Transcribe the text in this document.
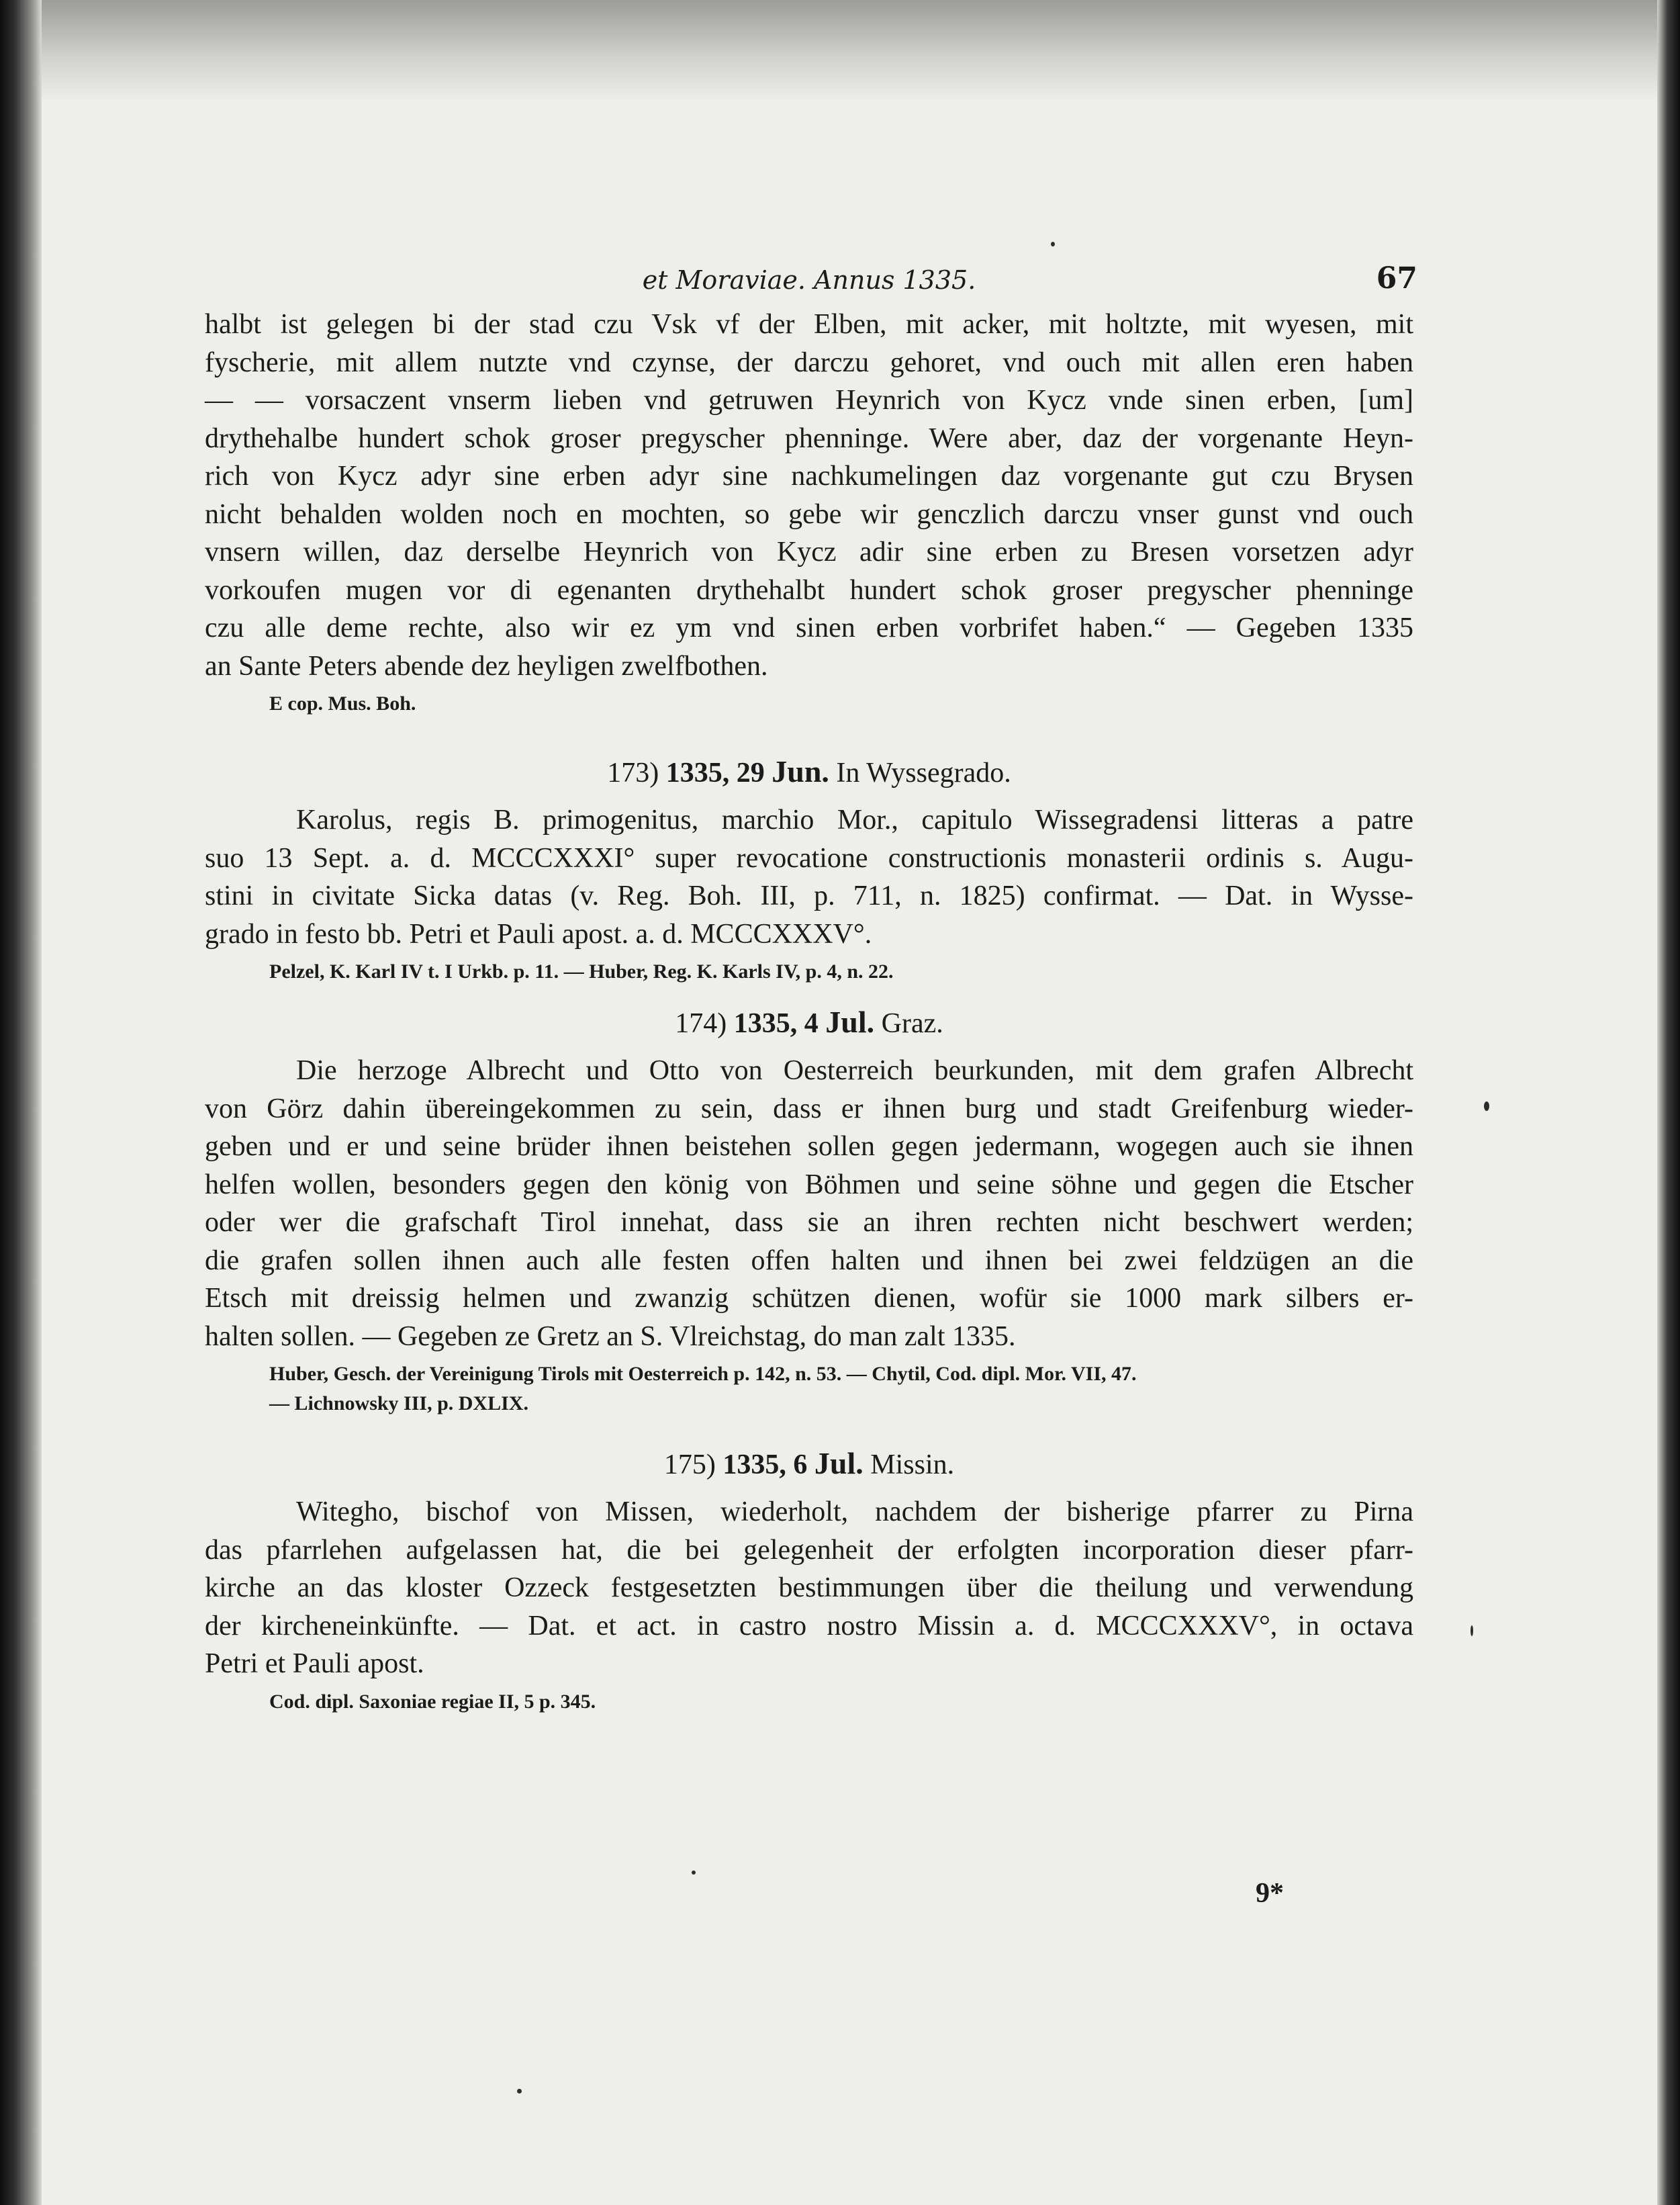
et Moraviae. Annus 1335.	67
halbt ist gelegen bi der stad czu Vsk vf der Elben, mit acker, mit holtzte, mit wyesen, mit
fyscherie, mit allem nutzte vnd czynse, der darczu gehoret, vnd ouch mit allen eren haben
— — vorsaczent vnserm lieben vnd getruwen Heynrich von Kycz vnde sinen erben, [um]
drythehalbe hundert schok groser pregyscher phenninge. Were aber, daz der vorgenante Heyn-
rich von Kycz adyr sine erben adyr sine nachkumelingen daz vorgenante gut czu Brysen
nicht behalden wolden noch en mochten, so gebe wir genczlich darczu vnser gunst vnd ouch
vnsern willen, daz derselbe Heynrich von Kycz adir sine erben zu Bresen vorsetzen adyr
vorkoufen mugen vor di egenanten drythehalbt hundert schok groser pregyscher phenninge
czu alle deme rechte, also wir ez ym vnd sinen erben vorbrifet haben.“ — Gegeben 1335
an Sante Peters abende dez heyligen zwelfbothen.
E cop. Mus. Boh.
173) 1335, 29 Jun. In Wyssegrado.
Karolus, regis B. primogenitus, marchio Mor., capitulo Wissegradensi litteras a patre
suo 13 Sept. a. d. MCCCXXXI° super revocatione constructionis monasterii ordinis s. Augu-
stini in civitate Sicka datas (v. Reg. Boh. III, p. 711, n. 1825) confirmat. — Dat. in Wysse-
grado in festo bb. Petri et Pauli apost. a. d. MCCCXXXV°.
Pelzel, K. Karl IV t. I Urkb. p. 11. — Huber, Reg. K. Karls IV, p. 4, n. 22.
174) 1335, 4 Jul. Graz.
Die herzoge Albrecht und Otto von Oesterreich beurkunden, mit dem grafen Albrecht
von Görz dahin übereingekommen zu sein, dass er ihnen burg und stadt Greifenburg wieder-
geben und er und seine brüder ihnen beistehen sollen gegen jedermann, wogegen auch sie ihnen
helfen wollen, besonders gegen den könig von Böhmen und seine söhne und gegen die Etscher
oder wer die grafschaft Tirol innehat, dass sie an ihren rechten nicht beschwert werden;
die grafen sollen ihnen auch alle festen offen halten und ihnen bei zwei feldzügen an die
Etsch mit dreissig helmen und zwanzig schützen dienen, wofür sie 1000 mark silbers er-
halten sollen. — Gegeben ze Gretz an S. Vlreichstag, do man zalt 1335.
Huber, Gesch. der Vereinigung Tirols mit Oesterreich p. 142, n. 53. — Chytil, Cod. dipl. Mor. VII, 47.
— Lichnowsky III, p. DXLIX.
175) 1335, 6 Jul. Missin.
Witegho, bischof von Missen, wiederholt, nachdem der bisherige pfarrer zu Pirna
das pfarrlehen aufgelassen hat, die bei gelegenheit der erfolgten incorporation dieser pfarr-
kirche an das kloster Ozzeck festgesetzten bestimmungen über die theilung und verwendung
der kircheneinkünfte. — Dat. et act. in castro nostro Missin a. d. MCCCXXXV°, in octava
Petri et Pauli apost.
Cod. dipl. Saxoniae regiae II, 5 p. 345.
9*
